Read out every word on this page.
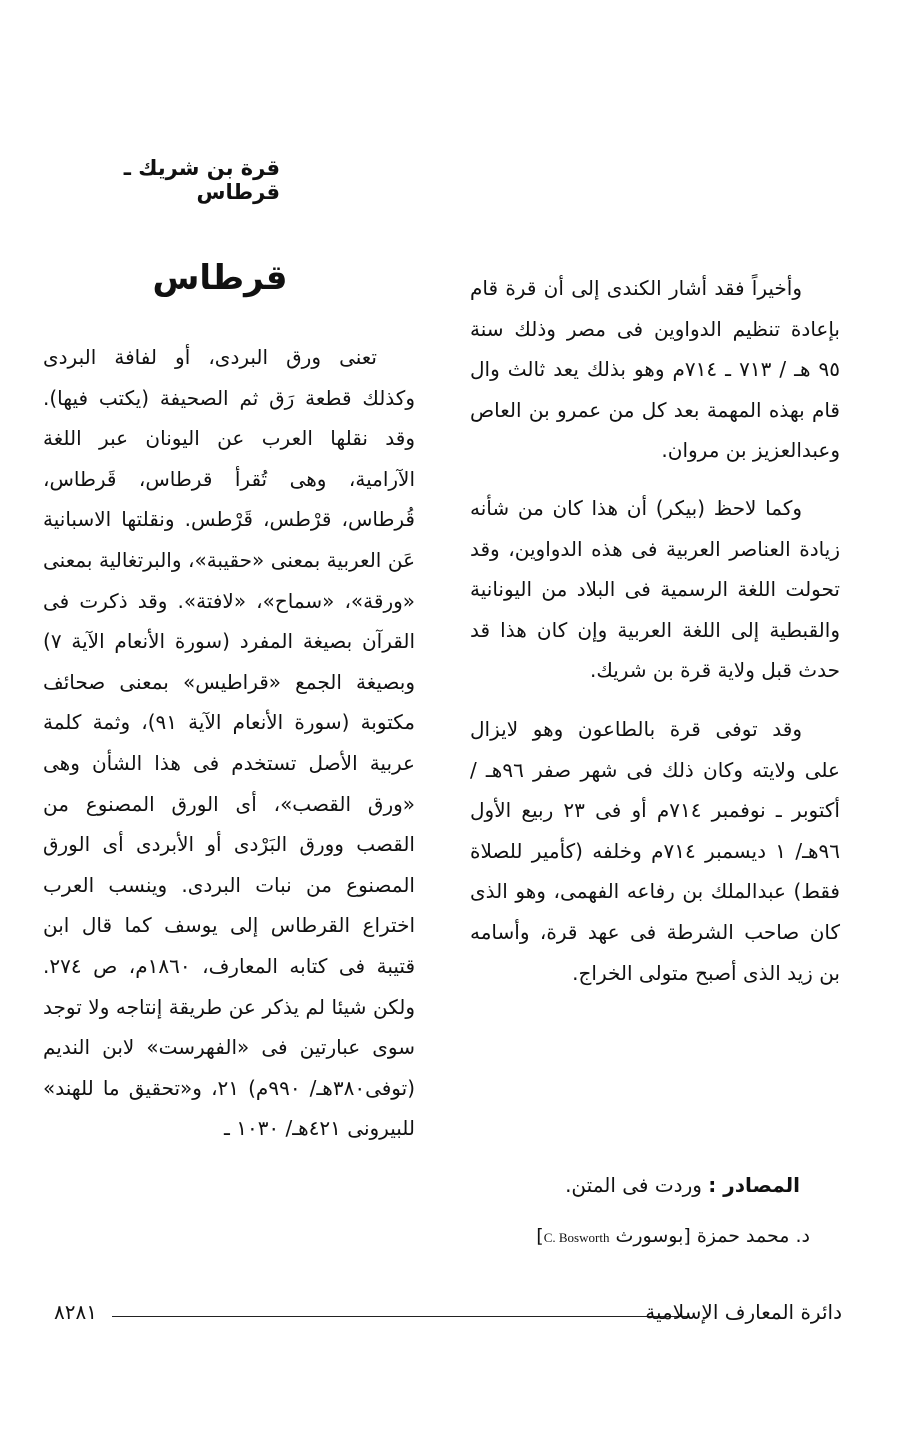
قرة بن شريك ـ قرطاس

وأخيراً فقد أشار الكندى إلى أن قرة قام بإعادة تنظيم الدواوين فى مصر وذلك سنة ٩٥ هـ / ٧١٣ ـ ٧١٤م وهو بذلك يعد ثالث وال قام بهذه المهمة بعد كل من عمرو بن العاص وعبدالعزيز بن مروان.

وكما لاحظ (بيكر) أن هذا كان من شأنه زيادة العناصر العربية فى هذه الدواوين، وقد تحولت اللغة الرسمية فى البلاد من اليونانية والقبطية إلى اللغة العربية وإن كان هذا قد حدث قبل ولاية قرة بن شريك.

وقد توفى قرة بالطاعون وهو لايزال على ولايته وكان ذلك فى شهر صفر ٩٦هـ / أكتوبر ـ نوفمبر ٧١٤م أو فى ٢٣ ربيع الأول ٩٦هـ/ ١ ديسمبر ٧١٤م وخلفه (كأمير للصلاة فقط) عبدالملك بن رفاعه الفهمى، وهو الذى كان صاحب الشرطة فى عهد قرة، وأسامه بن زيد الذى أصبح متولى الخراج.

المصادر : وردت فى المتن.
د. محمد حمزة [بوسورث C. Bosworth]
قرطاس

تعنى ورق البردى، أو لفافة البردى وكذلك قطعة رَق ثم الصحيفة (يكتب فيها). وقد نقلها العرب عن اليونان عبر اللغة الآرامية، وهى تُقرأ قرطاس، قَرطاس، قُرطاس، قرْطس، قَرْطس. ونقلتها الاسبانية عَن العربية بمعنى «حقيبة»، والبرتغالية بمعنى «ورقة»، «سماح»، «لافتة». وقد ذكرت فى القرآن بصيغة المفرد (سورة الأنعام الآية ٧) وبصيغة الجمع «قراطيس» بمعنى صحائف مكتوبة (سورة الأنعام الآية ٩١)، وثمة كلمة عربية الأصل تستخدم فى هذا الشأن وهى «ورق القصب»، أى الورق المصنوع من القصب وورق البَرْدى أو الأبردى أى الورق المصنوع من نبات البردى. وينسب العرب اختراع القرطاس إلى يوسف كما قال ابن قتيبة فى كتابه المعارف، ١٨٦٠م، ص ٢٧٤. ولكن شيئا لم يذكر عن طريقة إنتاجه ولا توجد سوى عبارتين فى «الفهرست» لابن النديم (توفى٣٨٠هـ/ ٩٩٠م) ٢١، و«تحقيق ما للهند» للبيرونى ٤٢١هـ/ ١٠٣٠ ـ

٨٢٨١	دائرة المعارف الإسلامية
